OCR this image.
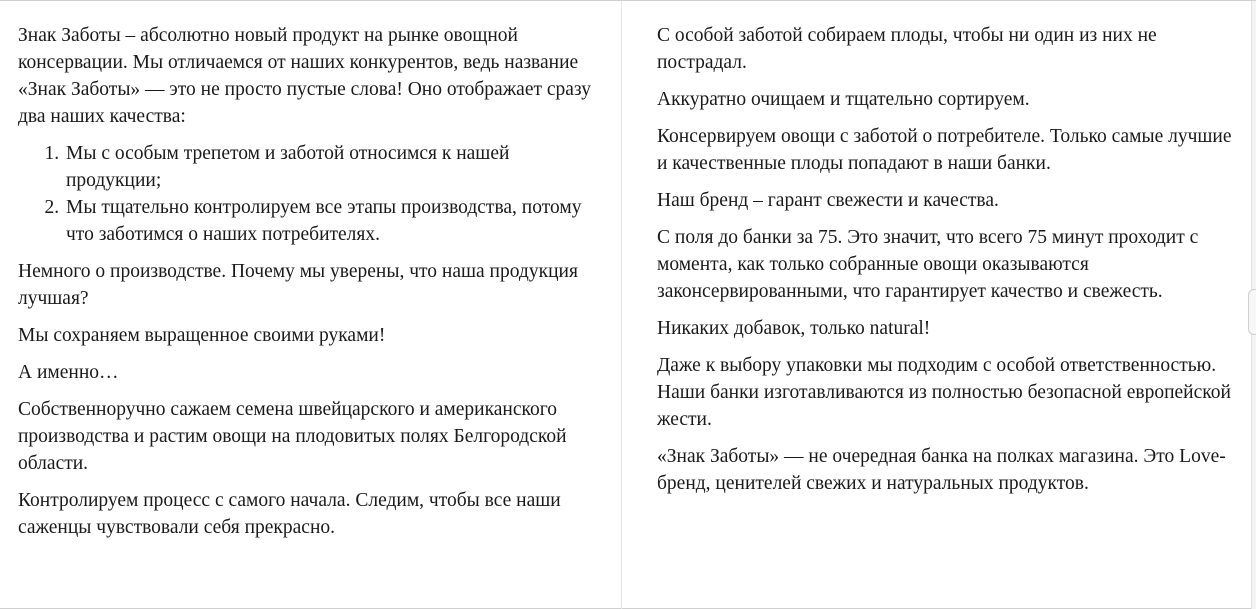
Знак Заботы – абсолютно новый продукт на рынке овощной консервации. Мы отличаемся от наших конкурентов, ведь название «Знак Заботы» — это не просто пустые слова! Оно отображает сразу два наших качества:

1. Мы с особым трепетом и заботой относимся к нашей продукции;
2. Мы тщательно контролируем все этапы производства, потому что заботимся о наших потребителях.

Немного о производстве. Почему мы уверены, что наша продукция лучшая?

Мы сохраняем выращенное своими руками!

А именно…

Собственноручно сажаем семена швейцарского и американского производства и растим овощи на плодовитых полях Белгородской области.

Контролируем процесс с самого начала. Следим, чтобы все наши саженцы чувствовали себя прекрасно.

С особой заботой собираем плоды, чтобы ни один из них не пострадал.

Аккуратно очищаем и тщательно сортируем.

Консервируем овощи с заботой о потребителе. Только самые лучшие и качественные плоды попадают в наши банки.

Наш бренд – гарант свежести и качества.

С поля до банки за 75. Это значит, что всего 75 минут проходит с момента, как только собранные овощи оказываются законсервированными, что гарантирует качество и свежесть.

Никаких добавок, только natural!

Даже к выбору упаковки мы подходим с особой ответственностью. Наши банки изготавливаются из полностью безопасной европейской жести.

«Знак Заботы» — не очередная банка на полках магазина. Это Love-бренд, ценителей свежих и натуральных продуктов.
